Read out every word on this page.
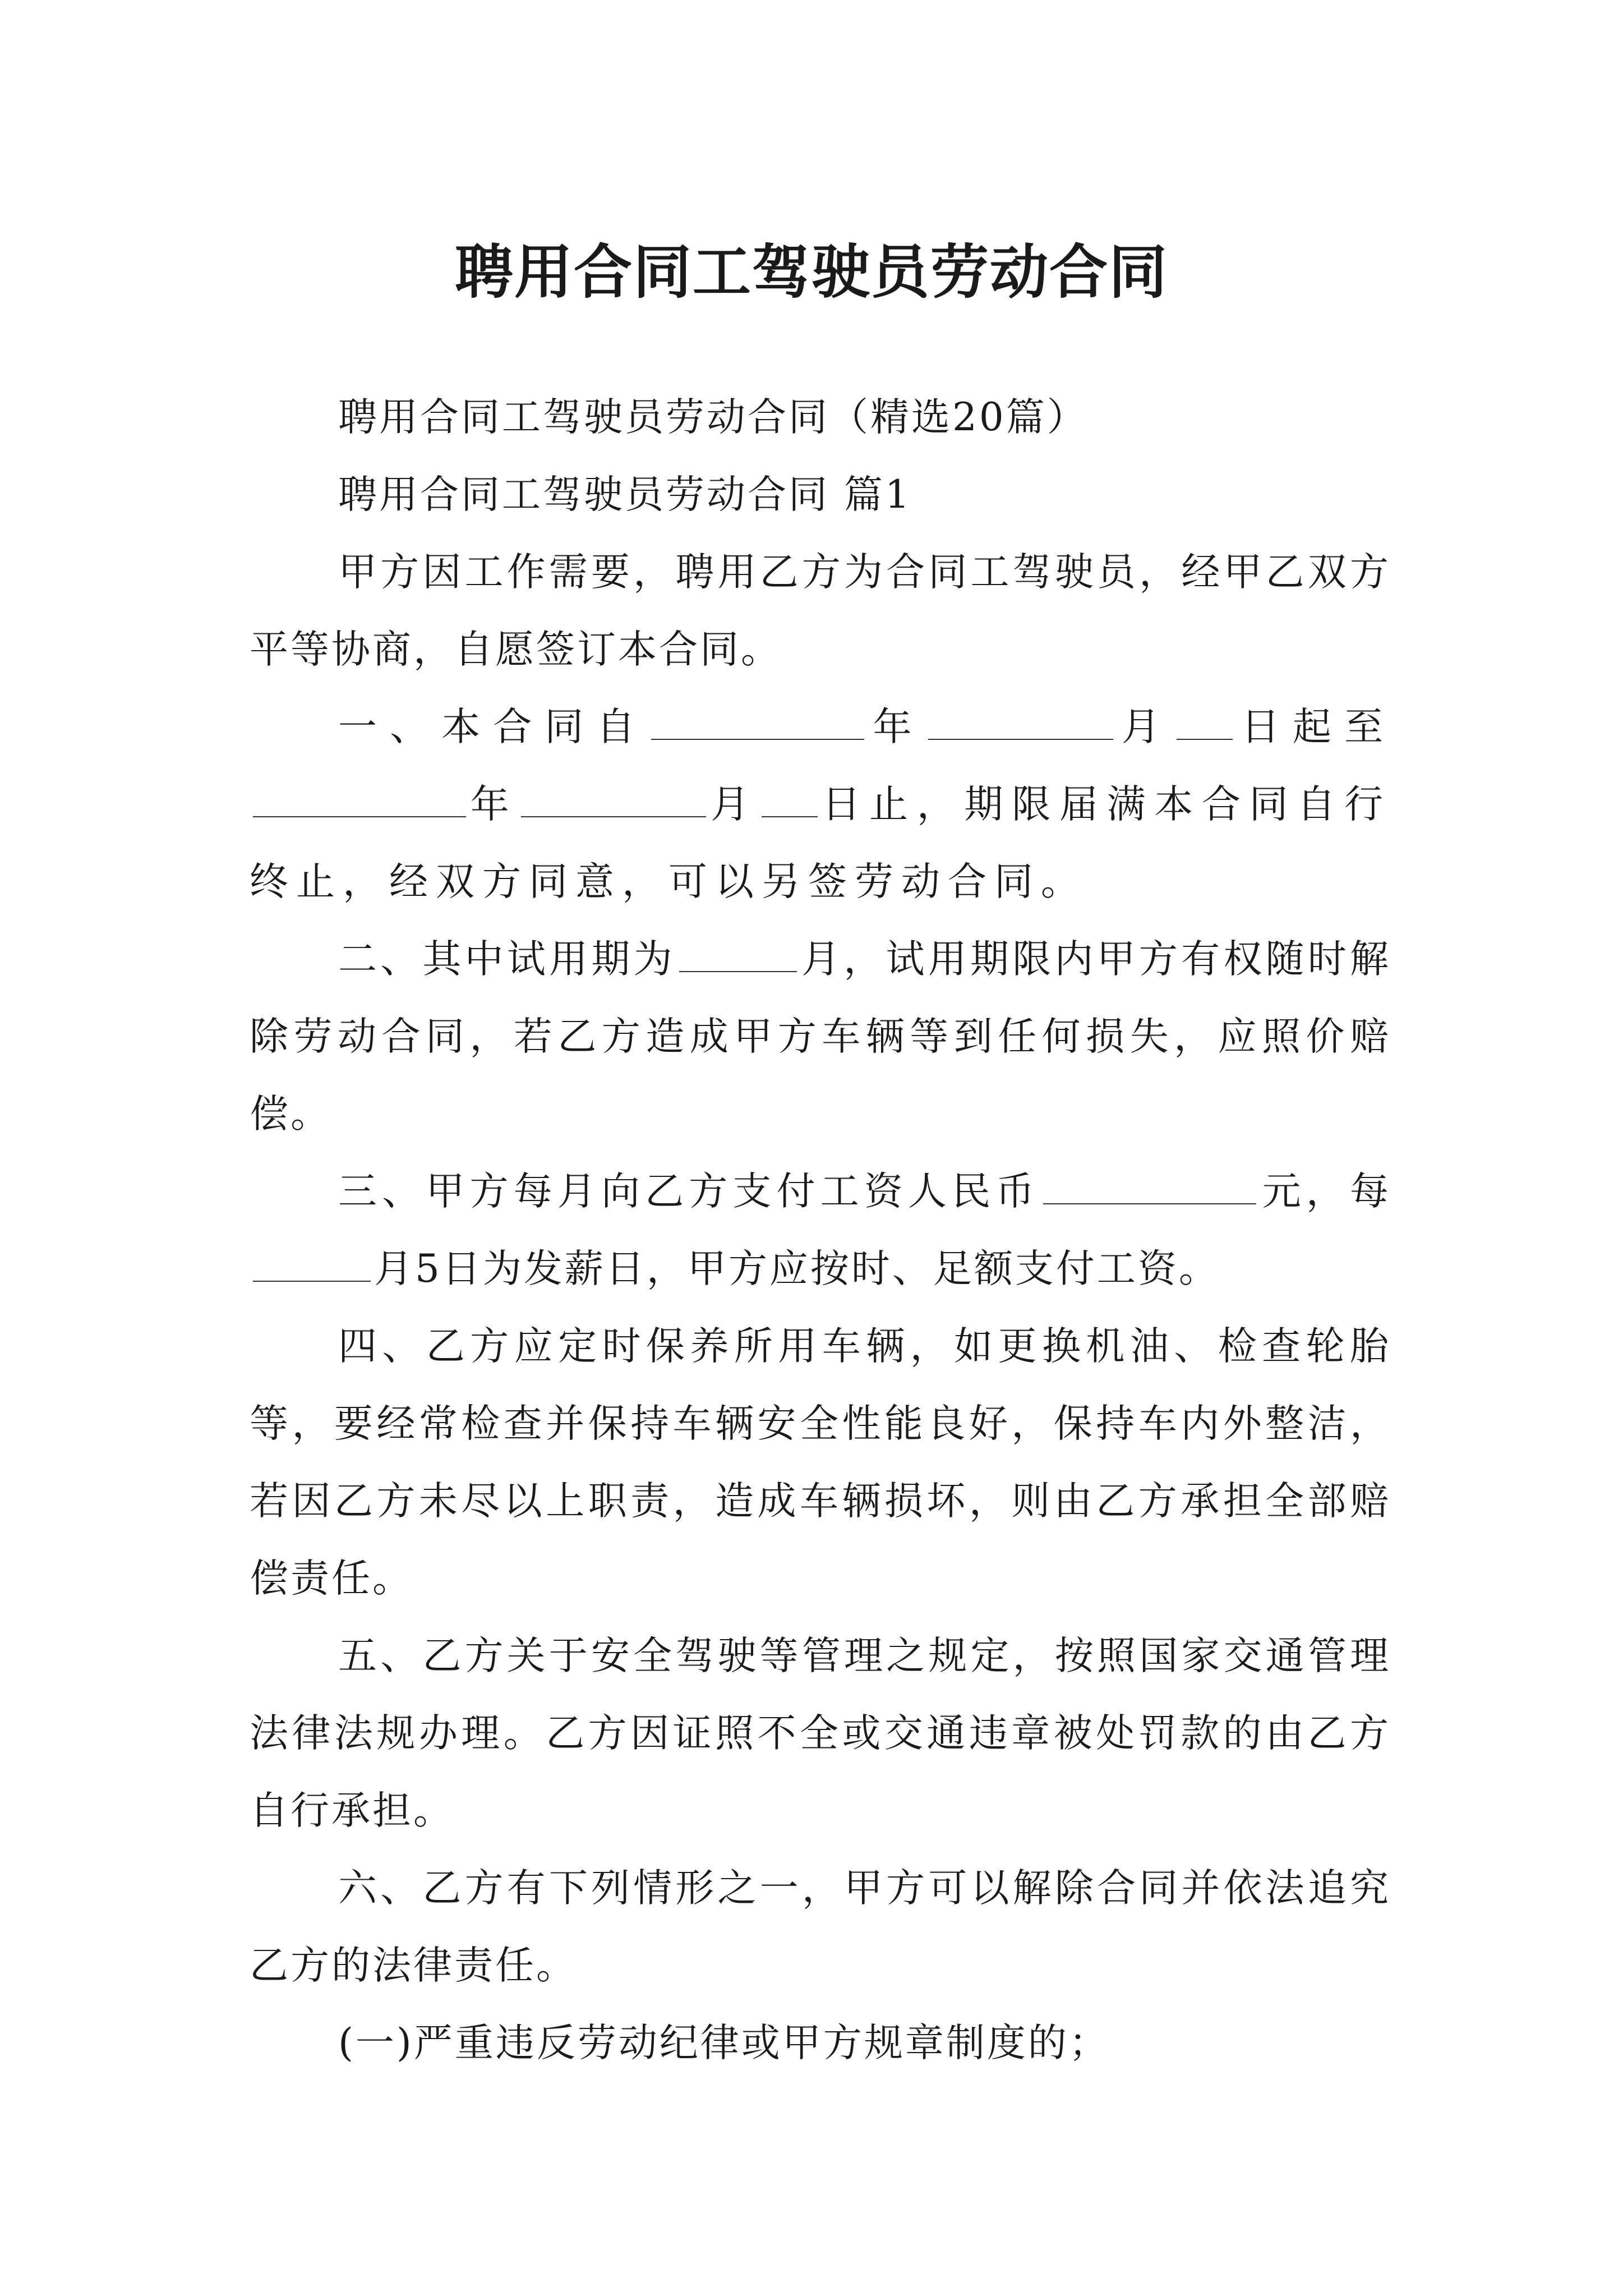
聘用合同工驾驶员劳动合同

聘用合同工驾驶员劳动合同（精选20篇）

聘用合同工驾驶员劳动合同 篇1

甲方因工作需要，聘用乙方为合同工驾驶员，经甲乙双方平等协商，自愿签订本合同。

一、本合同自	年	月 日起至年	月 日止，期限届满本合同自行终止，经双方同意，可以另签劳动合同。

二、其中试用期为	月，试用期限内甲方有权随时解除劳动合同，若乙方造成甲方车辆等到任何损失，应照价赔偿。

三、甲方每月向乙方支付工资人民币	元，每月5日为发薪日，甲方应按时、足额支付工资。

四、乙方应定时保养所用车辆，如更换机油、检查轮胎等，要经常检查并保持车辆安全性能良好，保持车内外整洁，若因乙方未尽以上职责，造成车辆损坏，则由乙方承担全部赔偿责任。

五、乙方关于安全驾驶等管理之规定，按照国家交通管理法律法规办理。乙方因证照不全或交通违章被处罚款的由乙方自行承担。

六、乙方有下列情形之一，甲方可以解除合同并依法追究乙方的法律责任。

(一)严重违反劳动纪律或甲方规章制度的；
